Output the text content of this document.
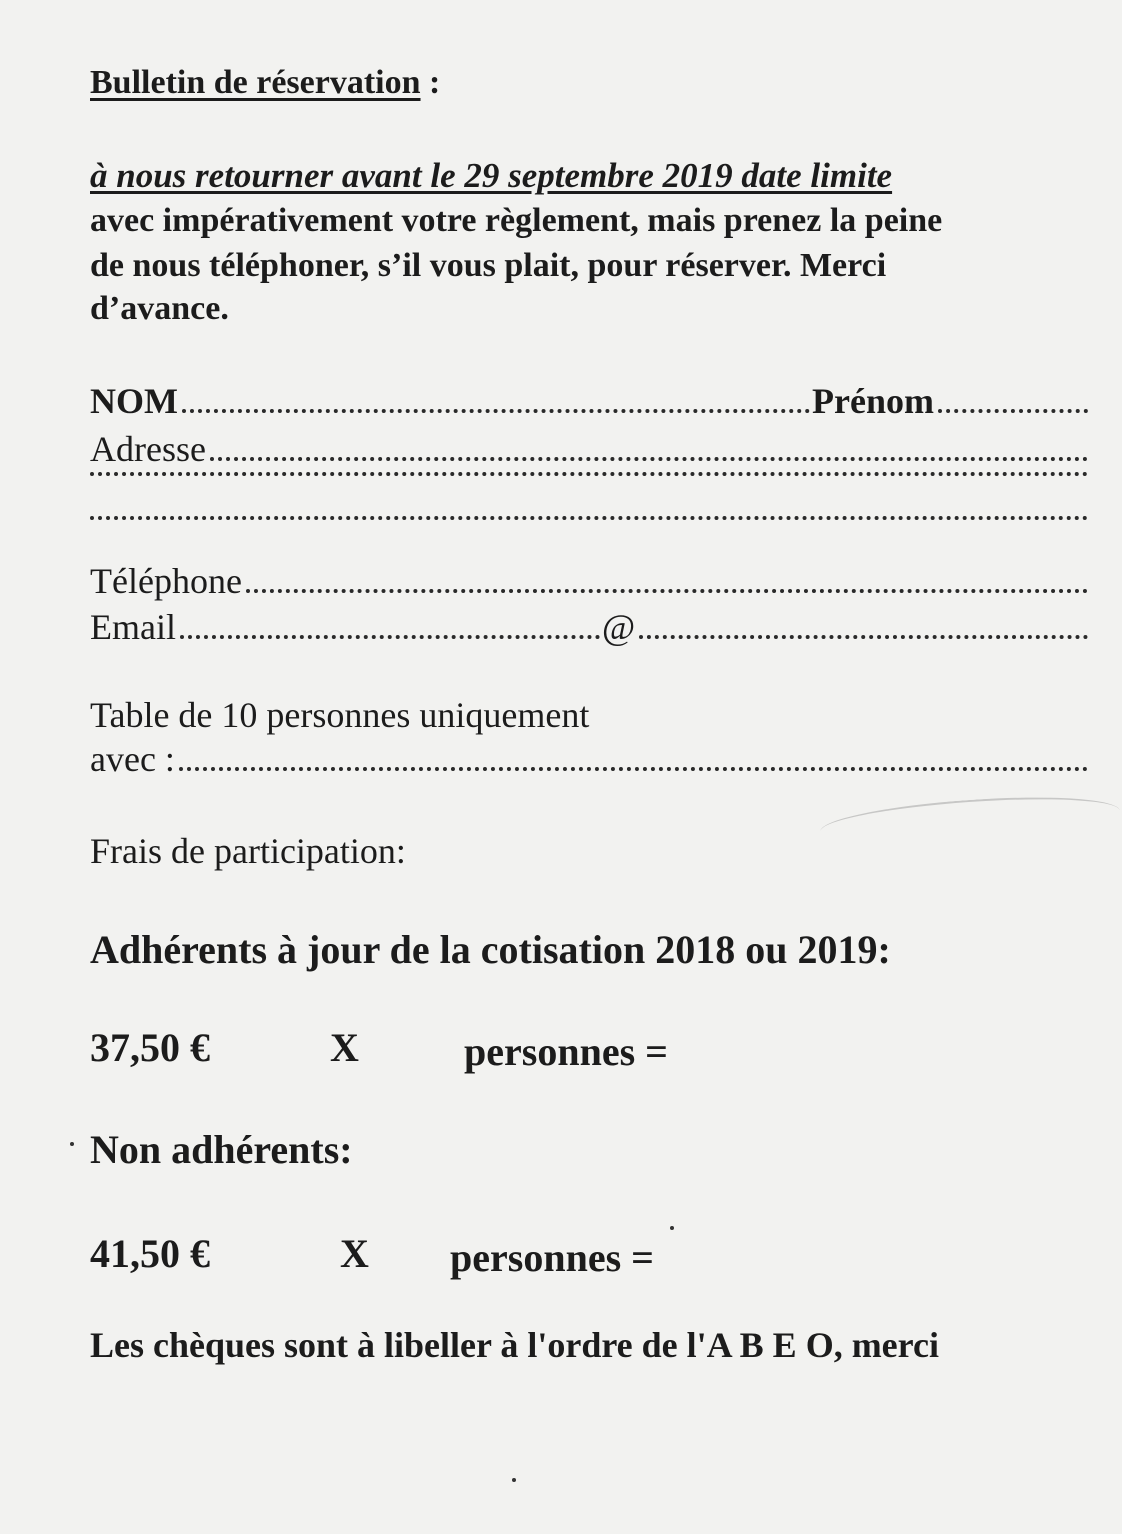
Bulletin de réservation :
à nous retourner avant le 29 septembre 2019 date limite
avec impérativement votre règlement, mais prenez la peine
de nous téléphoner, s’il vous plait, pour réserver. Merci
d’avance.
NOM	Prénom
Adresse
Téléphone
Email	@
Table de 10 personnes uniquement
avec :
Frais de participation:
Adhérents à jour de la cotisation 2018 ou 2019:
37,50 €	X	personnes =
Non adhérents:
41,50 €	X personnes =
Les chèques sont à libeller à l'ordre de l'A B E O, merci
